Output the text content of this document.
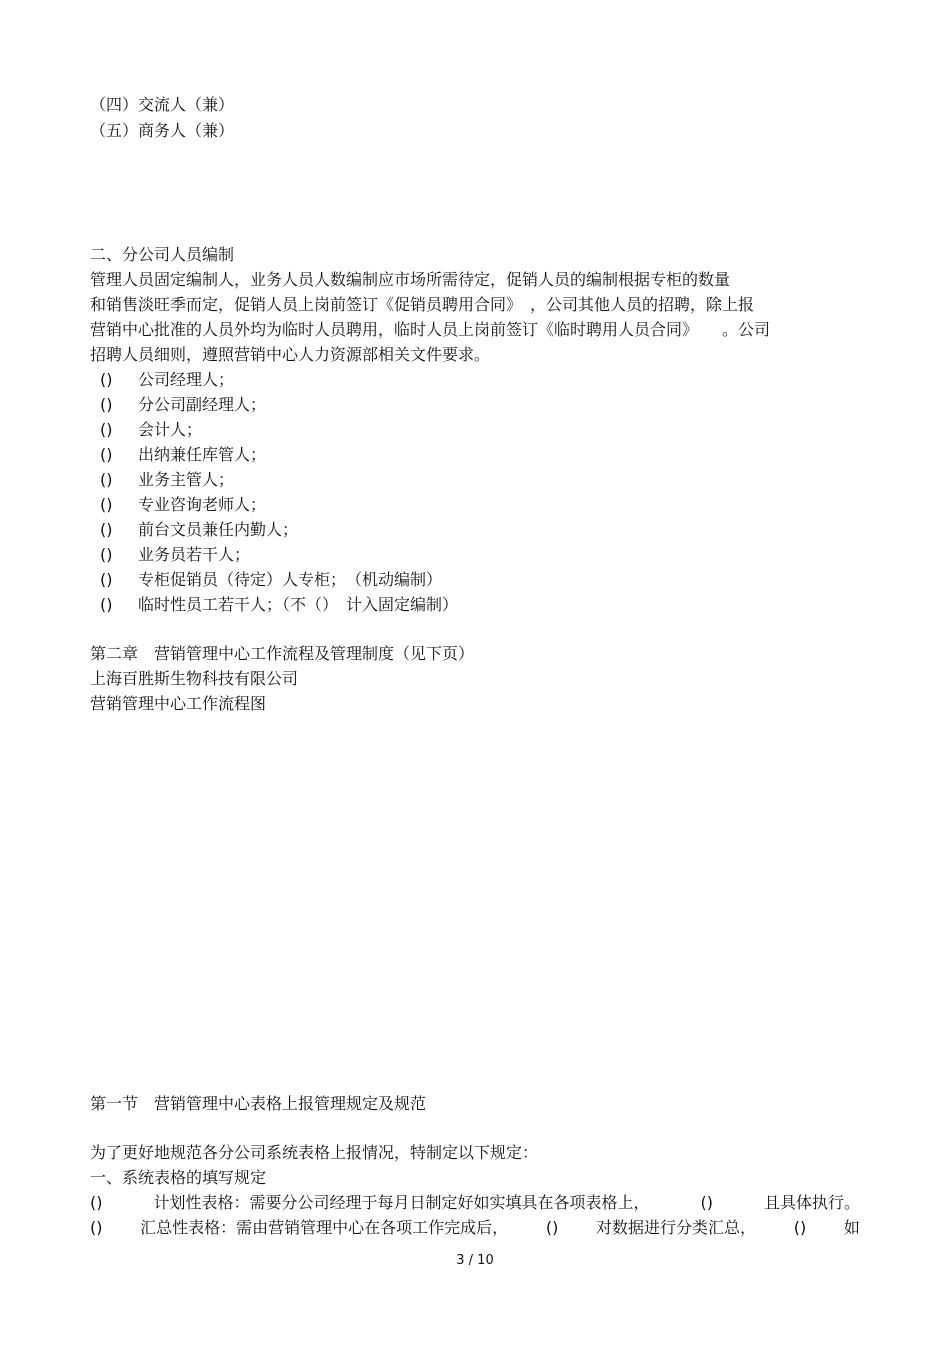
（四）交流人（兼）
（五）商务人（兼）
二、分公司人员编制
管理人员固定编制人，业务人员人数编制应市场所需待定，促销人员的编制根据专柜的数量
和销售淡旺季而定，促销人员上岗前签订《促销员聘用合同》　，公司其他人员的招聘，除上报
营销中心批准的人员外均为临时人员聘用，临时人员上岗前签订《临时聘用人员合同》　　。公司
招聘人员细则，遵照营销中心人力资源部相关文件要求。
() 公司经理人；
() 分公司副经理人；
() 会计人；
() 出纳兼任库管人；
() 业务主管人；
() 专业咨询老师人；
() 前台文员兼任内勤人；
() 业务员若干人；
() 专柜促销员（待定）人专柜；　（机动编制）
() 临时性员工若干人；（不（）　计入固定编制）
第二章　营销管理中心工作流程及管理制度（见下页）
上海百胜斯生物科技有限公司
营销管理中心工作流程图
第一节　营销管理中心表格上报管理规定及规范
为了更好地规范各分公司系统表格上报情况，特制定以下规定：
一、系统表格的填写规定
()	计划性表格：需要分公司经理于每月日制定好如实填具在各项表格上，	()	且具体执行。
() 汇总性表格：需由营销管理中心在各项工作完成后， () 对数据进行分类汇总， () 如
3 / 10
